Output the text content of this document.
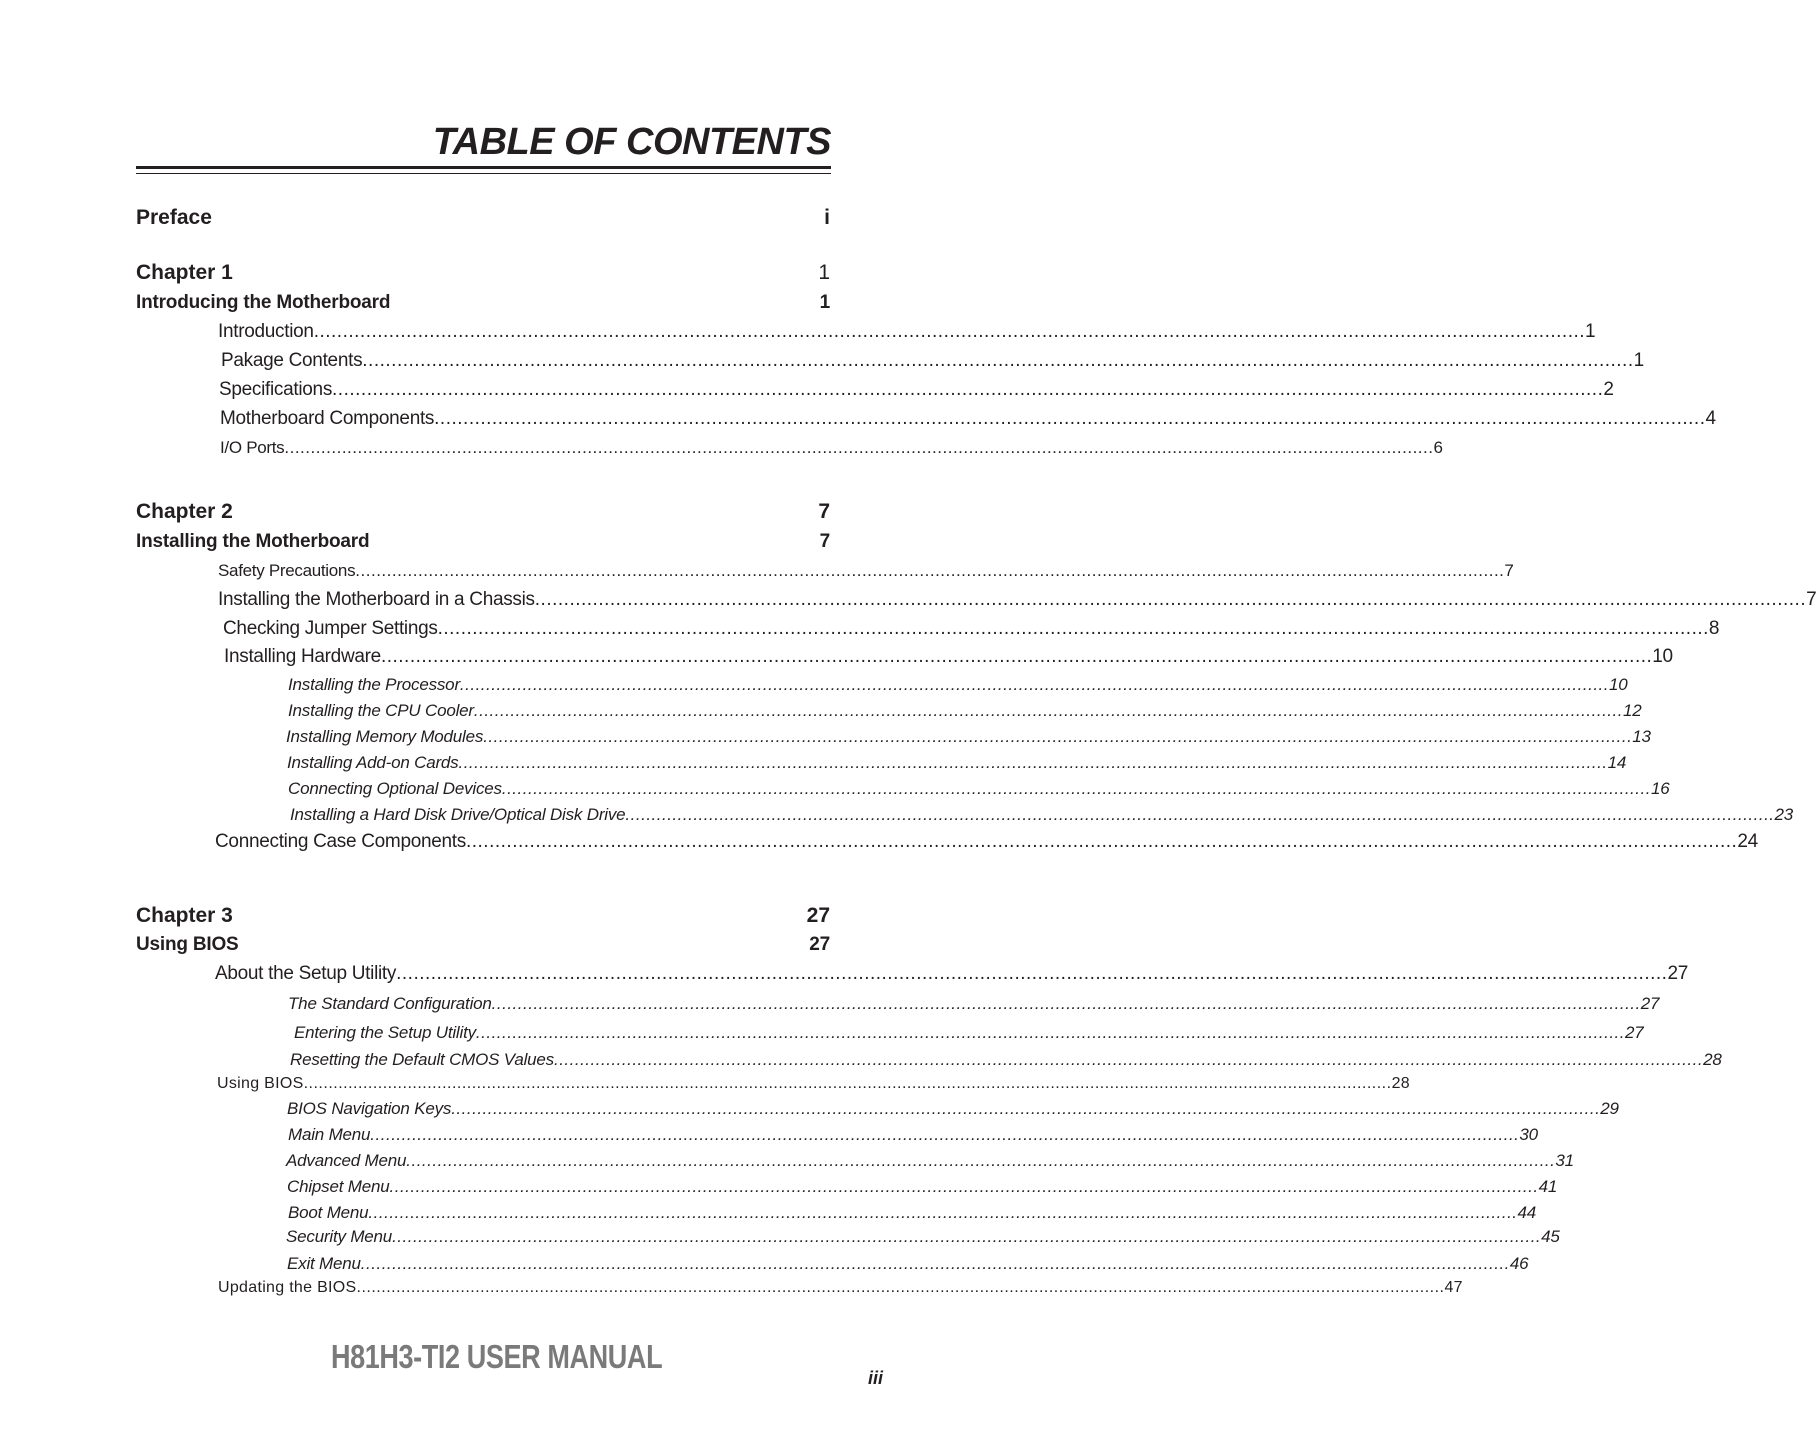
TABLE OF CONTENTS
Preface	i
Chapter 1	1
Introducing the Motherboard	1
Introduction ............................................................................................................................................................................................................................ 1
Pakage Contents ............................................................................................................................................................................................................................ 1
Specifications ............................................................................................................................................................................................................................ 2
Motherboard Components ............................................................................................................................................................................................................................ 4
I/O Ports ............................................................................................................................................................................................................................ 6
Chapter 2	7
Installing the Motherboard	7
Safety Precautions ............................................................................................................................................................................................................................ 7
Installing the Motherboard in a Chassis ............................................................................................................................................................................................................................ 7
Checking Jumper Settings ............................................................................................................................................................................................................................ 8
Installing Hardware ............................................................................................................................................................................................................................ 10
Installing the Processor ............................................................................................................................................................................................................................ 10
Installing the CPU Cooler ............................................................................................................................................................................................................................ 12
Installing Memory Modules ............................................................................................................................................................................................................................ 13
Installing Add-on Cards ............................................................................................................................................................................................................................ 14
Connecting Optional Devices ............................................................................................................................................................................................................................ 16
Installing a Hard Disk Drive/Optical Disk Drive ............................................................................................................................................................................................................................ 23
Connecting Case Components ............................................................................................................................................................................................................................ 24
Chapter 3	27
Using BIOS	27
About the Setup Utility ............................................................................................................................................................................................................................ 27
The Standard Configuration ............................................................................................................................................................................................................................ 27
Entering the Setup Utility ............................................................................................................................................................................................................................ 27
Resetting the Default CMOS Values ............................................................................................................................................................................................................................ 28
Using BIOS ............................................................................................................................................................................................................................ 28
BIOS Navigation Keys ............................................................................................................................................................................................................................ 29
Main Menu ............................................................................................................................................................................................................................ 30
Advanced Menu ............................................................................................................................................................................................................................ 31
Chipset Menu ............................................................................................................................................................................................................................ 41
Boot Menu ............................................................................................................................................................................................................................ 44
Security Menu ............................................................................................................................................................................................................................ 45
Exit Menu ............................................................................................................................................................................................................................ 46
Updating the BIOS ............................................................................................................................................................................................................................ 47
H81H3-TI2 USER MANUAL
iii
